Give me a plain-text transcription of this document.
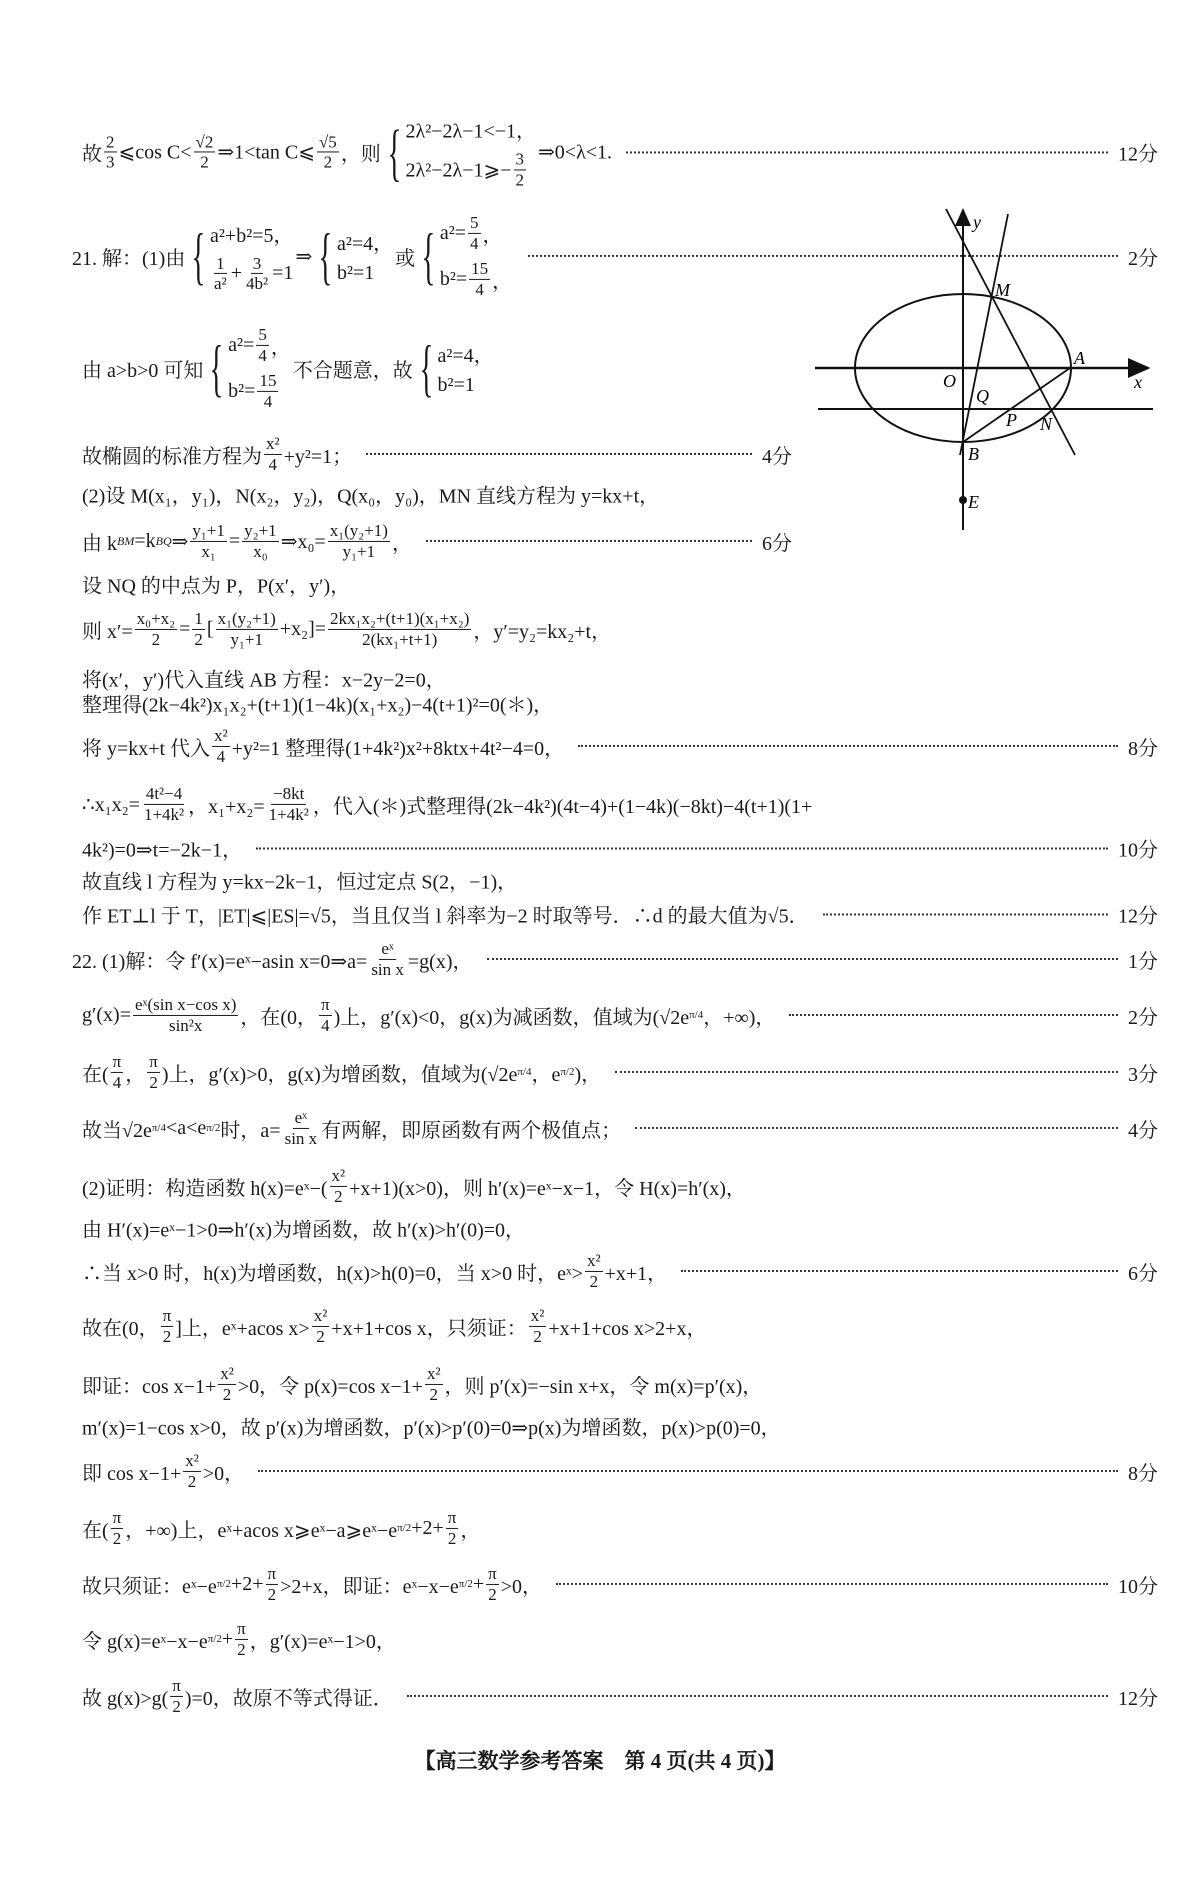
故 $\frac{2}{3}$ ⩽cos $C< \frac{√2}{2}$ ⇒1<tan C⩽ $\frac{√5}{2}$ ，则 { 2λ²−2λ−1<−1，
2λ²−2λ−1⩾− $\frac{3}{2}$ ⇒0<λ<1.	12分
21. 解：(1)由 { a²+b²=5，
$\frac{1}{\text{a²}} + \frac{3}{\text{4b²}} =1$
⇒ { a²=4，
b²=1
或 { $a^2= \frac{5}{4}$ ，
$b^2= \frac{15}{4}$ ，
2分
由 a>b>0 可知 { $a^2= \frac{5}{4}$ ，
$b^2= \frac{15}{4}$
不合题意，故 { a²=4，
b²=1
故椭圆的标准方程为 $\frac{\text{x²}}{4} +y^2=1$；	4分
(2)设 M(x₁，y₁)，N(x₂，y₂)，Q(x₀，y₀)，MN 直线方程为 y=kx+t，
由 k BM =k BQ ⇒ $\frac{\text{y₁+1}}{\text{x₁}} = \frac{\text{y₂+1}}{\text{x₀}}$ ⇒x₀= $\frac{\text{x₁(y₂+1)}}{\text{y₁+1}}$ ，	6分
设 NQ 的中点为 P，P(x′，y′)，
则 $x'= \frac{\text{x₀+x₂}}{2} = \frac{1}{2}$ [ $\frac{\text{x₁(y₂+1)}}{\text{y₁+1}} +x_2]= \frac{\text{2kx₁x₂+(t+1)(x₁+x₂)}}{\text{2(kx₁+t+1)}}$ ，y′=y₂=kx₂+t，
将(x′，y′)代入直线 AB 方程：x−2y−2=0，
整理得(2k−4k²)x₁x₂+(t+1)(1−4k)(x₁+x₂)−4(t+1)²=0(＊)，
将 y=kx+t 代入 $\frac{\text{x²}}{4} +y^2=1$ 整理得(1+4k²)x²+8ktx+4t²−4=0，	8分
∴x₁x₂= $\frac{\text{4t²−4}}{\text{1+4k²}}$ ，$x_1+x_2= \frac{-8kt}{\text{1+4k²}}$ ，代入(＊)式整理得(2k−4k²)(4t−4)+(1−4k)(−8kt)−4(t+1)(1+
4k²)=0⇒t=−2k−1，	10分
故直线 l 方程为 y=kx−2k−1，恒过定点 S(2，−1)，
作 ET⊥l 于 T，|ET|⩽|ES|=√5，当且仅当 l 斜率为−2 时取等号．∴d 的最大值为√5．	12分
22. (1)解：令 f′(x)=eˣ−asin x=0⇒a= $\frac{\text{eˣ}}{\text{sin x}} =g(x)$，	1分
$g'(x)= \frac{\text{eˣ(sin x−cos x)}}{\text{sin²x}}$ ，在(0， $\frac{\pi}{4}$ )上，g′(x)<0，g(x)为减函数，值域为(√2e π/4 ，+∞)，	2分
在( $\frac{\pi}{4}$ ， $\frac{\pi}{2}$ )上，g′(x)>0，g(x)为增函数，值域为(√2e π/4 ，e π/2 )，	3分
故当√2e π/4 <a<e π/2 时，$a= \frac{\text{eˣ}}{\text{sin x}}$ 有两解，即原函数有两个极值点；	4分
(2)证明：构造函数 h(x)=eˣ−( $\frac{\text{x²}}{2} +x+1)(x>0)$，则 h′(x)=eˣ−x−1，令 H(x)=h′(x)，
由 H′(x)=eˣ−1>0⇒h′(x)为增函数，故 h′(x)>h′(0)=0，
∴当 x>0 时，h(x)为增函数，h(x)>h(0)=0，当 x>0 时，eˣ> $\frac{\text{x²}}{2} +x+1$，	6分
故在(0， $\frac{\pi}{2}$ ]上，eˣ+acos $x> \frac{\text{x²}}{2} +x+1+\cos$ x，只须证： $\frac{\text{x²}}{2} +x+1+\cos$ x>2+x，
即证：$\cos x-1+ \frac{\text{x²}}{2} >0$，令 p(x)=cos $x-1+ \frac{\text{x²}}{2}$ ，则 p′(x)=−sin x+x，令 m(x)=p′(x)，
m′(x)=1−cos x>0，故 p′(x)为增函数，p′(x)>p′(0)=0⇒p(x)为增函数，p(x)>p(0)=0，
即 $\cos x-1+ \frac{\text{x²}}{2} >0$，	8分
在( $\frac{\pi}{2}$ ，+∞)上，eˣ+acos x⩾eˣ−a⩾eˣ−e $\pi/2 +2+ \frac{\pi}{2}$ ，
故只须证：eˣ−e $\pi/2 +2+ \frac{\pi}{2} >2+x$，即证：eˣ−x−e $\pi/2 + \frac{\pi}{2} >0$，	10分
令 g(x)=eˣ−x−e $\pi/2 + \frac{\pi}{2}$ ，g′(x)=eˣ−1>0，
故 $g(x)>g( \frac{\pi}{2} )=0$，故原不等式得证．	12分
y
M
O	x
A
Q
P N
B
E
【高三数学参考答案　第 4 页(共 4 页)】
